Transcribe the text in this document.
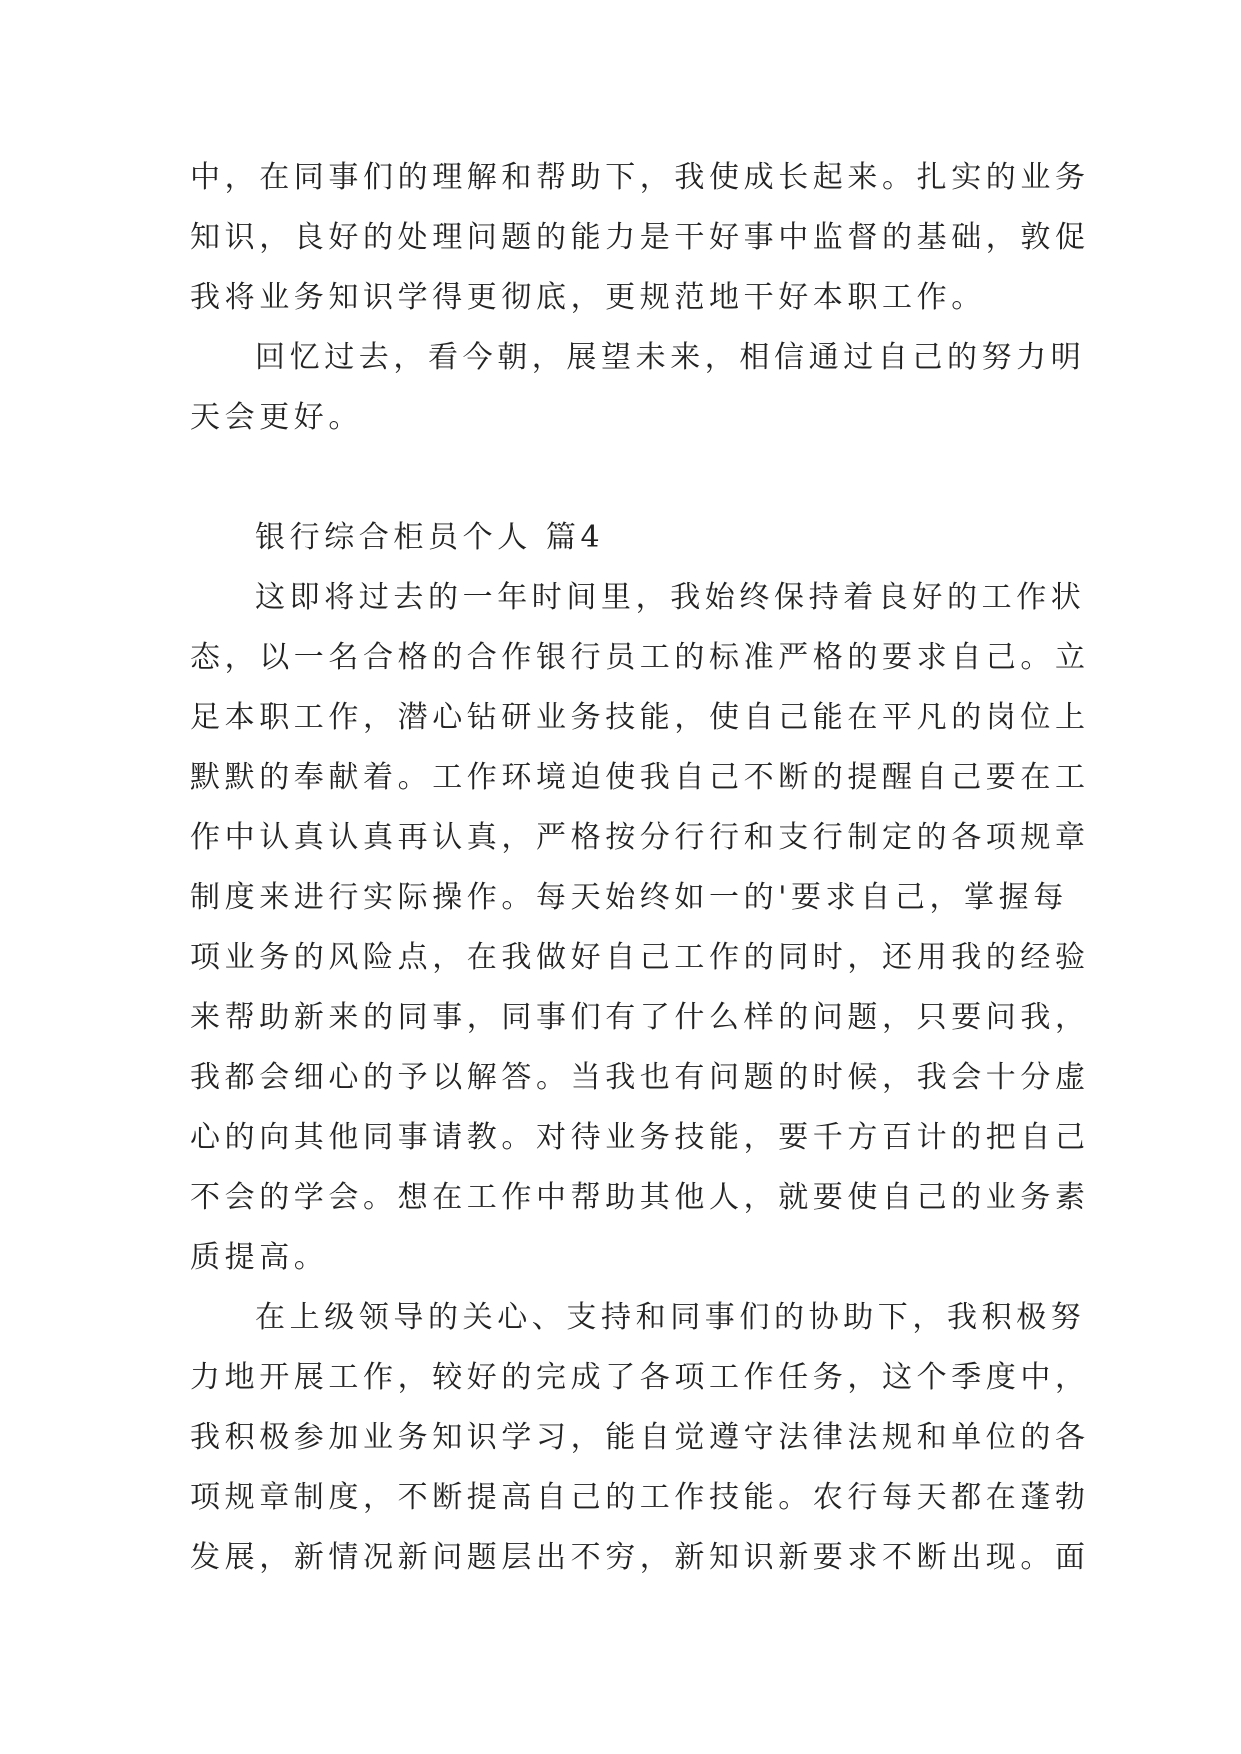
中，在同事们的理解和帮助下，我使成长起来。扎实的业务
知识，良好的处理问题的能力是干好事中监督的基础，敦促
我将业务知识学得更彻底，更规范地干好本职工作。
回忆过去，看今朝，展望未来，相信通过自己的努力明
天会更好。
银行综合柜员个人 篇4
这即将过去的一年时间里，我始终保持着良好的工作状
态，以一名合格的合作银行员工的标准严格的要求自己。立
足本职工作，潜心钻研业务技能，使自己能在平凡的岗位上
默默的奉献着。工作环境迫使我自己不断的提醒自己要在工
作中认真认真再认真，严格按分行行和支行制定的各项规章
制度来进行实际操作。每天始终如一的'要求自己，掌握每
项业务的风险点，在我做好自己工作的同时，还用我的经验
来帮助新来的同事，同事们有了什么样的问题，只要问我，
我都会细心的予以解答。当我也有问题的时候，我会十分虚
心的向其他同事请教。对待业务技能，要千方百计的把自己
不会的学会。想在工作中帮助其他人，就要使自己的业务素
质提高。
在上级领导的关心、支持和同事们的协助下，我积极努
力地开展工作，较好的完成了各项工作任务，这个季度中，
我积极参加业务知识学习，能自觉遵守法律法规和单位的各
项规章制度，不断提高自己的工作技能。农行每天都在蓬勃
发展，新情况新问题层出不穷，新知识新要求不断出现。面
